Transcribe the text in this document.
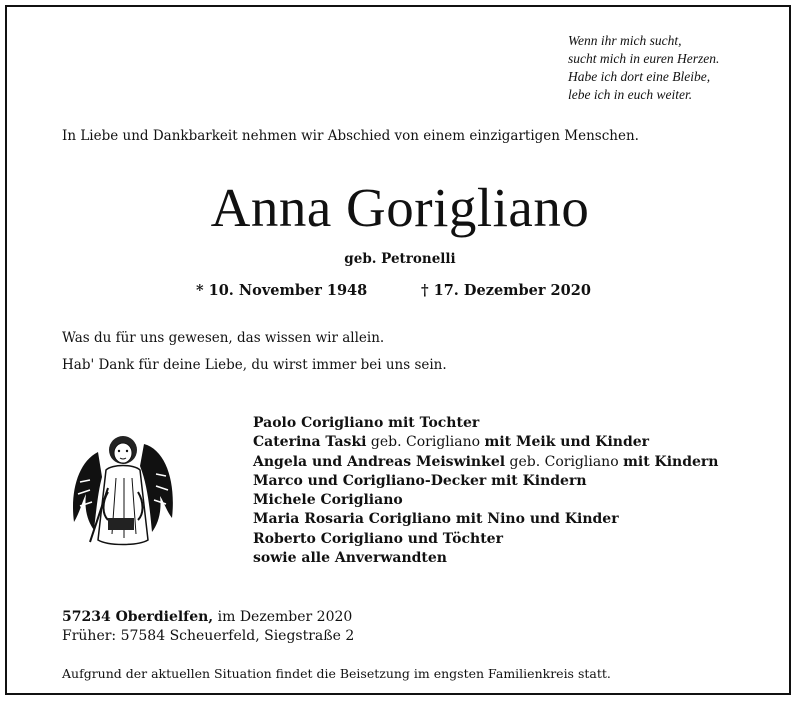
Wenn ihr mich sucht,
sucht mich in euren Herzen.
Habe ich dort eine Bleibe,
lebe ich in euch weiter.
In Liebe und Dankbarkeit nehmen wir Abschied von einem einzigartigen Menschen.
Anna Gorigliano
geb. Petronelli
* 10. November 1948	† 17. Dezember 2020
Was du für uns gewesen, das wissen wir allein.
Hab' Dank für deine Liebe, du wirst immer bei uns sein.
Paolo Corigliano mit Tochter
Caterina Taski geb. Corigliano mit Meik und Kinder
Angela und Andreas Meiswinkel geb. Corigliano mit Kindern
Marco und Corigliano-Decker mit Kindern
Michele Corigliano
Maria Rosaria Corigliano mit Nino und Kinder
Roberto Corigliano und Töchter
sowie alle Anverwandten
57234 Oberdielfen, im Dezember 2020
Früher: 57584 Scheuerfeld, Siegstraße 2
Aufgrund der aktuellen Situation findet die Beisetzung im engsten Familienkreis statt.
